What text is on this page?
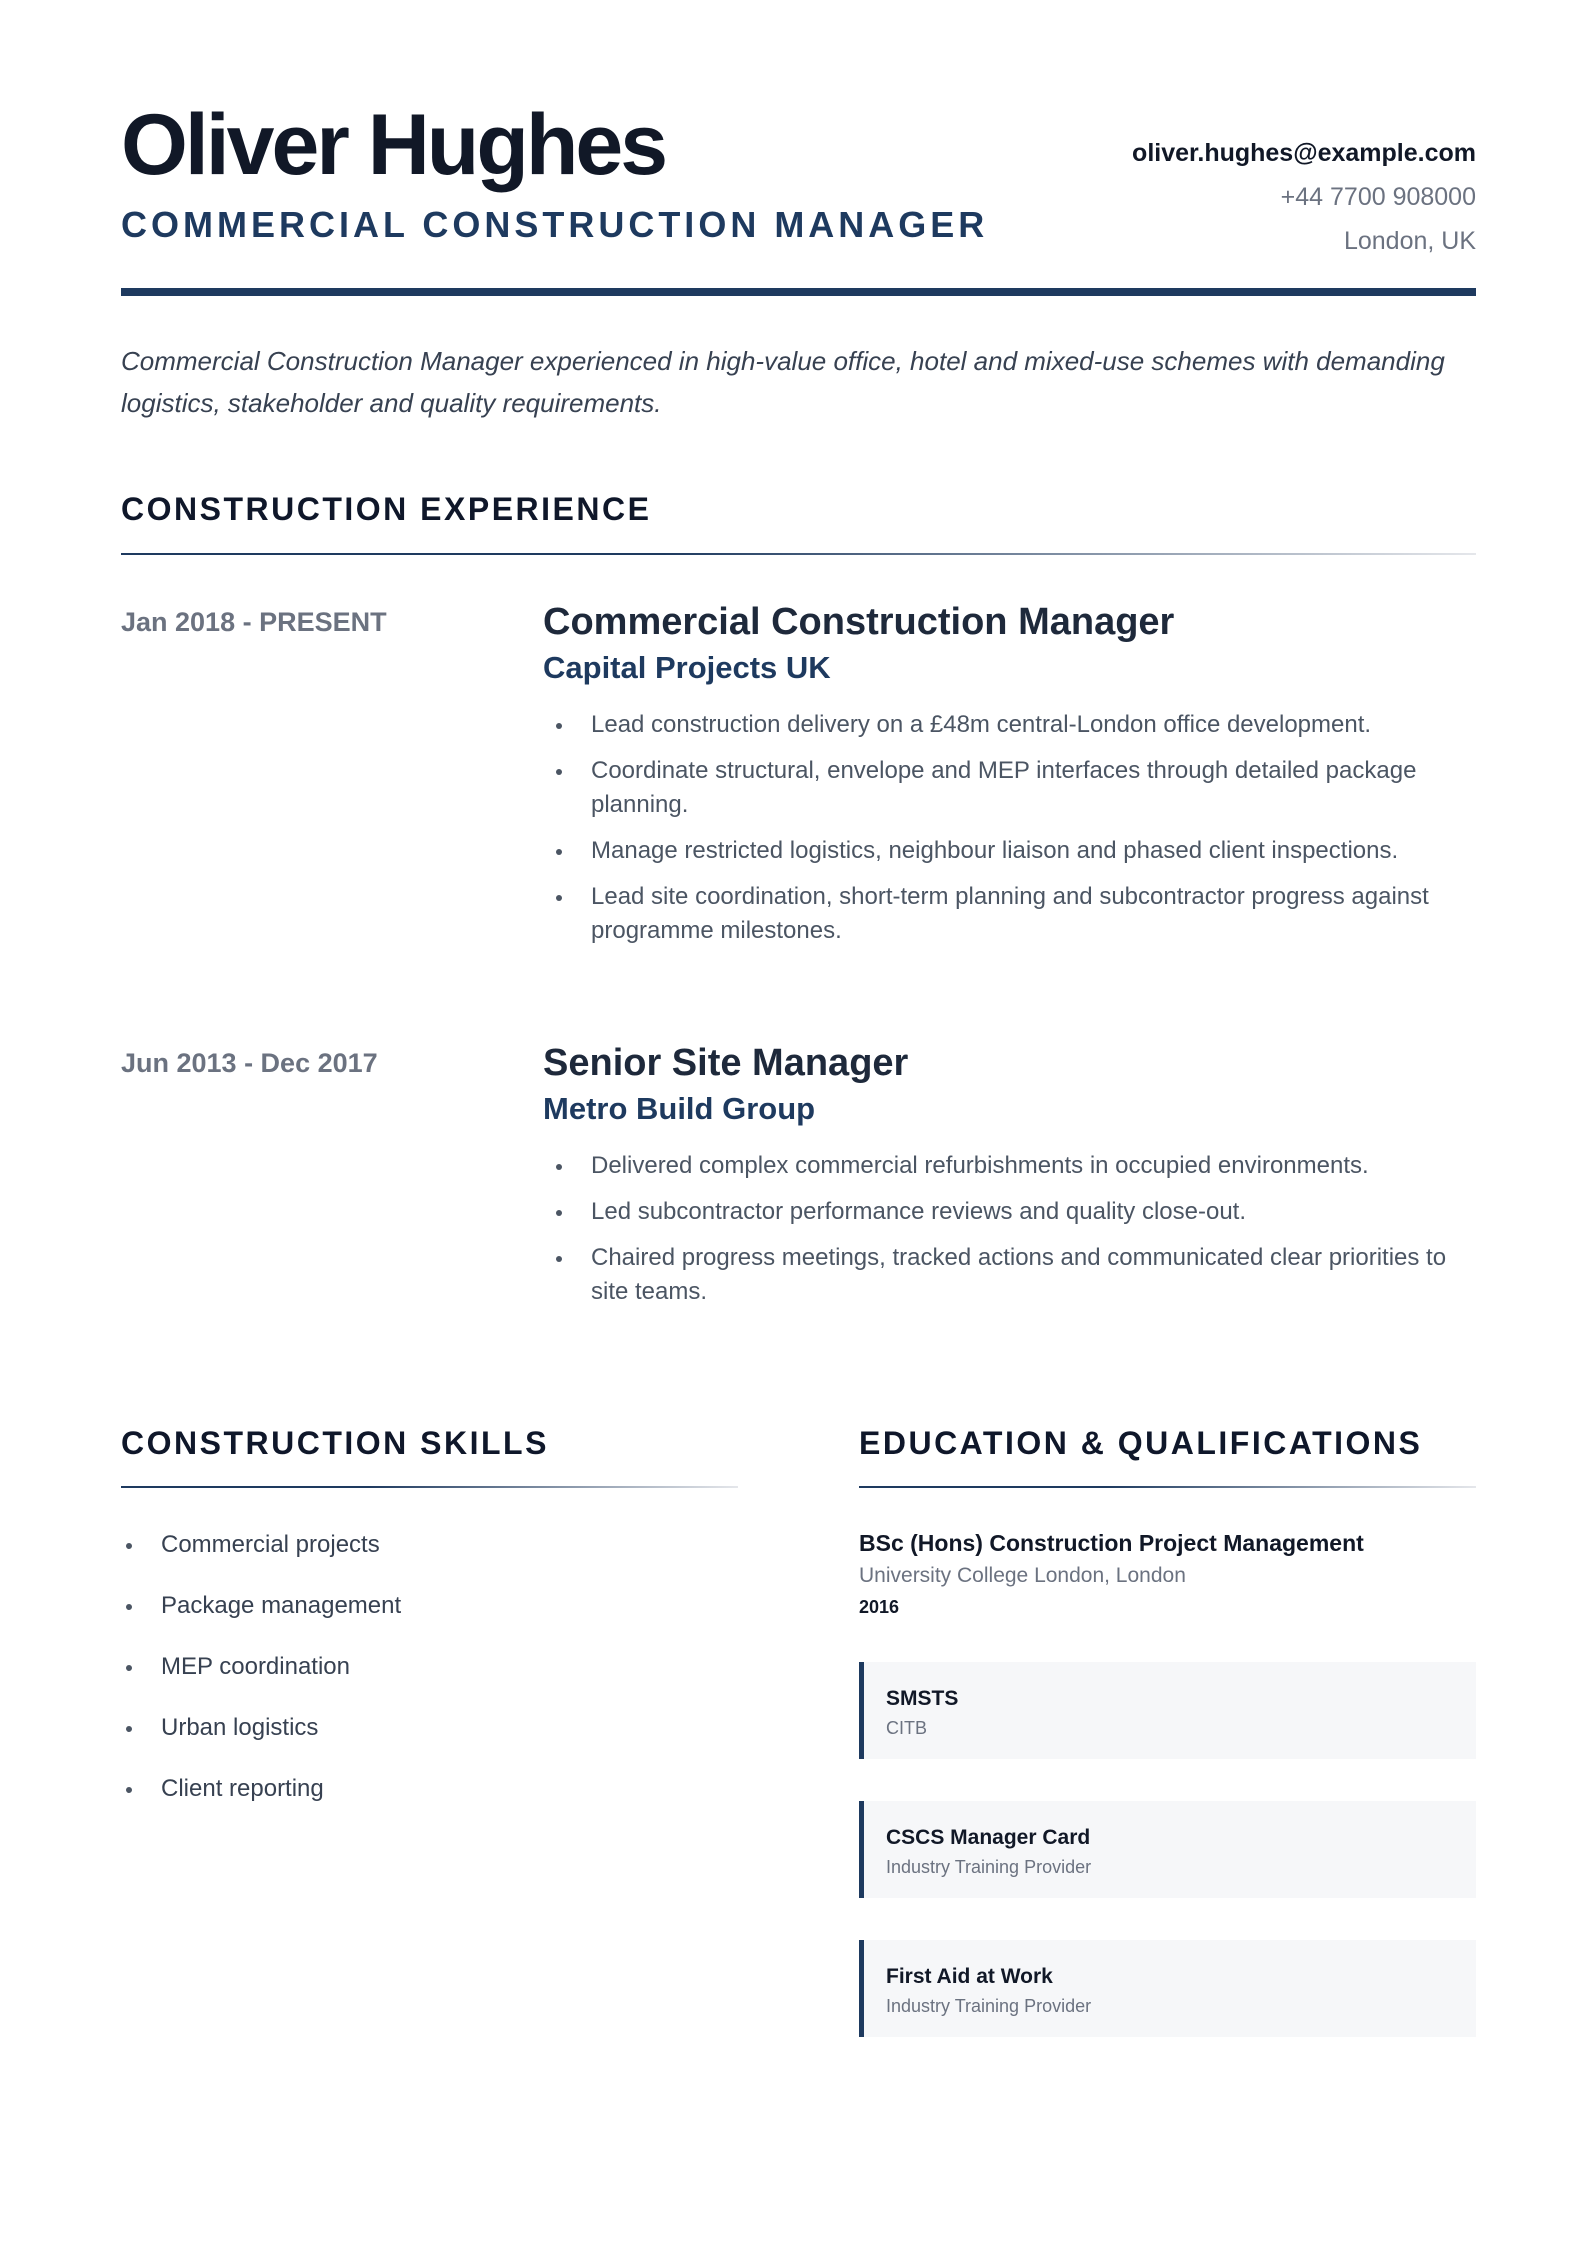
Oliver Hughes
COMMERCIAL CONSTRUCTION MANAGER
oliver.hughes@example.com
+44 7700 908000
London, UK
Commercial Construction Manager experienced in high-value office, hotel and mixed-use schemes with demanding logistics, stakeholder and quality requirements.
CONSTRUCTION EXPERIENCE
Jan 2018 - PRESENT	Commercial Construction Manager
Capital Projects UK
Lead construction delivery on a £48m central-London office development.
Coordinate structural, envelope and MEP interfaces through detailed package planning.
Manage restricted logistics, neighbour liaison and phased client inspections.
Lead site coordination, short-term planning and subcontractor progress against programme milestones.
Jun 2013 - Dec 2017	Senior Site Manager
Metro Build Group
Delivered complex commercial refurbishments in occupied environments.
Led subcontractor performance reviews and quality close-out.
Chaired progress meetings, tracked actions and communicated clear priorities to site teams.
CONSTRUCTION SKILLS
Commercial projects
Package management
MEP coordination
Urban logistics
Client reporting
EDUCATION & QUALIFICATIONS
BSc (Hons) Construction Project Management
University College London, London
2016
SMSTS
CITB
CSCS Manager Card
Industry Training Provider
First Aid at Work
Industry Training Provider
